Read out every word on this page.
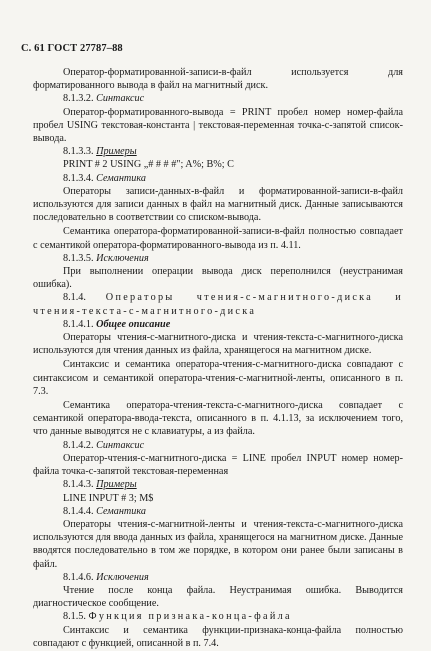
С. 61 ГОСТ 27787–88

Оператор-форматированной-записи-в-файл используется для форматированного вывода в файл на магнитный диск.

8.1.3.2. Синтаксис

Оператор-форматированного-вывода = PRINT пробел номер номер-файла пробел USING текстовая-константа | текстовая-переменная точка-с-запятой список-вывода.

8.1.3.3. Примеры

PRINT # 2 USING „# # # #"; A%; B%; C

8.1.3.4. Семантика

Операторы записи-данных-в-файл и форматированной-записи-в-файл используются для записи данных в файл на магнитный диск. Данные записываются последовательно в соответствии со списком-вывода.

Семантика оператора-форматированной-записи-в-файл полностью совпадает с семантикой оператора-форматированного-вывода из п. 4.11.

8.1.3.5. Исключения

При выполнении операции вывода диск переполнился (неустранимая ошибка).

8.1.4. Операторы чтения-с-магнитного-диска и чтения-текста-с-магнитного-диска

8.1.4.1. Общее описание

Операторы чтения-с-магнитного-диска и чтения-текста-с-магнитного-диска используются для чтения данных из файла, хранящегося на магнитном диске.

Синтаксис и семантика оператора-чтения-с-магнитного-диска совпадают с синтаксисом и семантикой оператора-чтения-с-магнитной-ленты, описанного в п. 7.3.

Семантика оператора-чтения-текста-с-магнитного-диска совпадает с семантикой оператора-ввода-текста, описанного в п. 4.1.13, за исключением того, что данные выводятся не с клавиатуры, а из файла.

8.1.4.2. Синтаксис

Оператор-чтения-с-магнитного-диска = LINE пробел INPUT номер номер-файла точка-с-запятой текстовая-переменная

8.1.4.3. Примеры

LINE INPUT # 3; M$

8.1.4.4. Семантика

Операторы чтения-с-магнитной-ленты и чтения-текста-с-магнитного-диска используются для ввода данных из файла, хранящегося на магнитном диске. Данные вводятся последовательно в том же порядке, в котором они ранее были записаны в файл.

8.1.4.6. Исключения

Чтение после конца файла. Неустранимая ошибка. Выводится диагностическое сообщение.

8.1.5. Функция признака-конца-файла

Синтаксис и семантика функции-признака-конца-файла полностью совпадают с функцией, описанной в п. 7.4.
